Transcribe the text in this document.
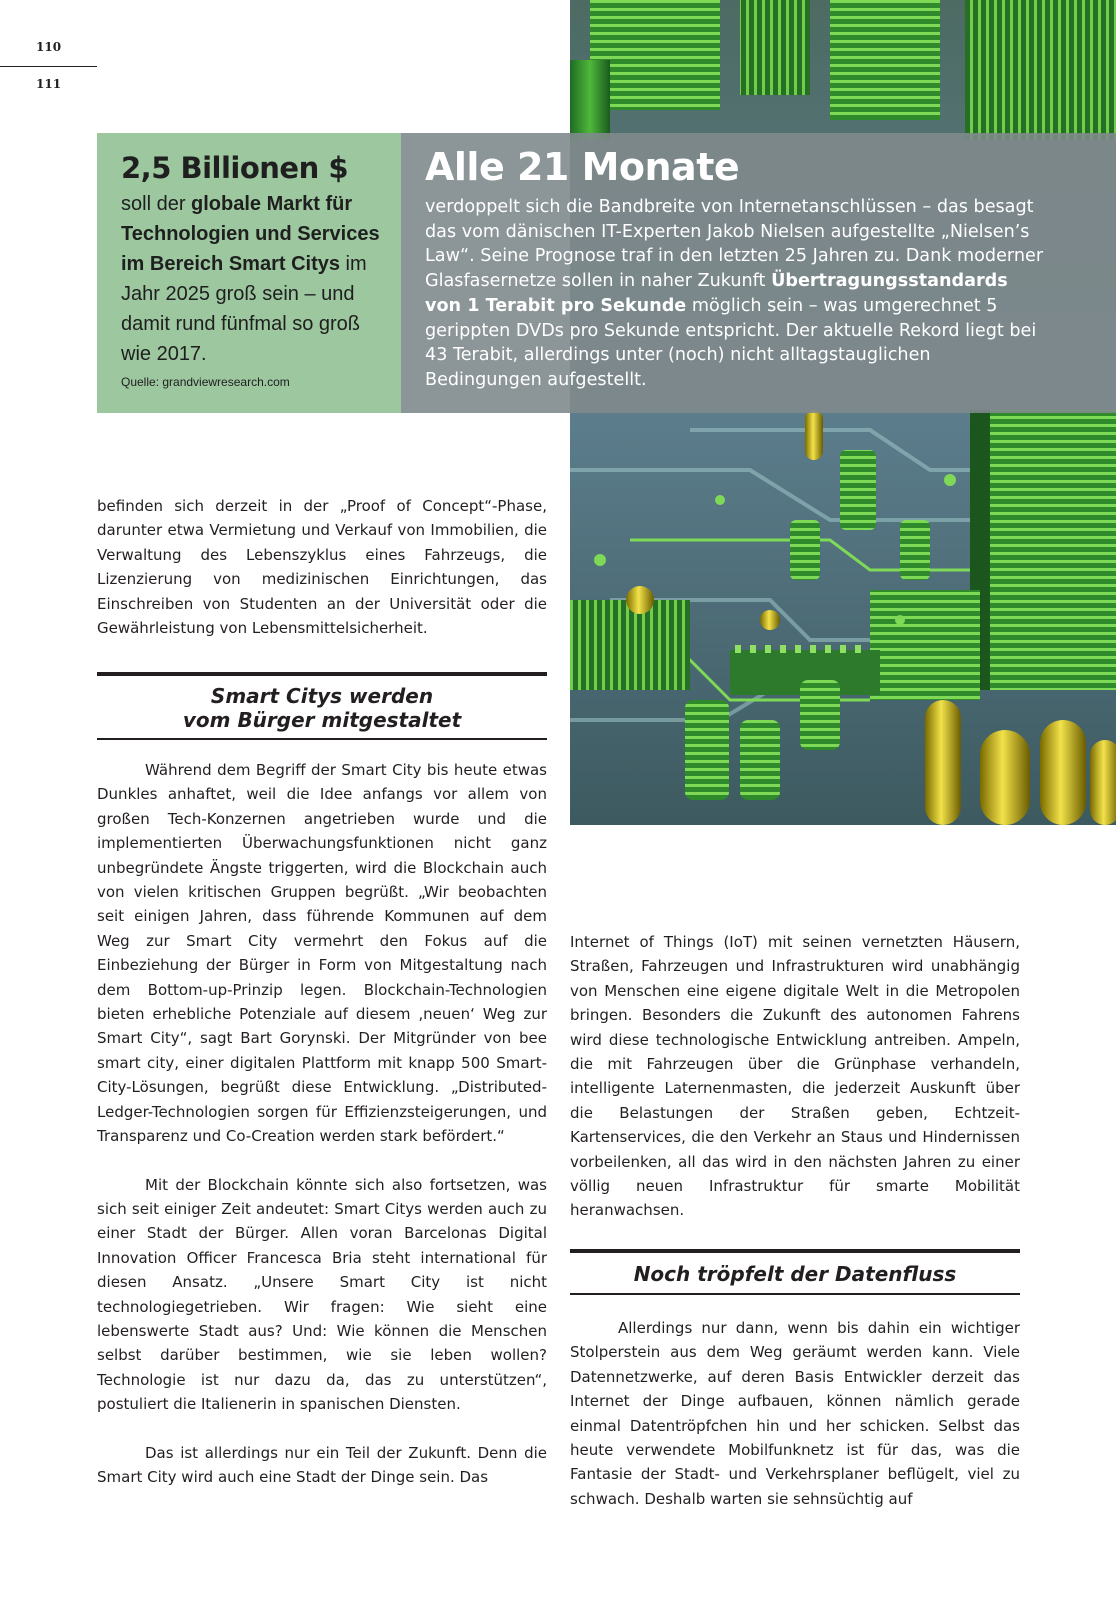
110
111
2,5 Billionen $
soll der globale Markt für Technologien und Services im Bereich Smart Citys im Jahr 2025 groß sein – und damit rund fünfmal so groß wie 2017.
Quelle: grandviewresearch.com
Alle 21 Monate
verdoppelt sich die Bandbreite von Internetanschlüssen – das besagt das vom dänischen IT-Experten Jakob Nielsen aufgestellte „Nielsen’s Law“. Seine Prognose traf in den letzten 25 Jahren zu. Dank moderner Glasfasernetze sollen in naher Zukunft Übertragungsstandards von 1 Terabit pro Sekunde möglich sein – was umgerechnet 5 gerippten DVDs pro Sekunde entspricht. Der aktuelle Rekord liegt bei 43 Terabit, allerdings unter (noch) nicht alltagstauglichen Bedingungen aufgestellt.

befinden sich derzeit in der „Proof of Concept“-Phase, darunter etwa Vermietung und Verkauf von Immobilien, die Verwaltung des Lebenszyklus eines Fahrzeugs, die Lizenzierung von medizinischen Einrichtungen, das Einschreiben von Studenten an der Universität oder die Gewährleistung von Lebensmittelsicherheit.

Smart Citys werden
vom Bürger mitgestaltet

Während dem Begriff der Smart City bis heute etwas Dunkles anhaftet, weil die Idee anfangs vor allem von großen Tech-Konzernen angetrieben wurde und die implementierten Überwachungsfunktionen nicht ganz unbegründete Ängste triggerten, wird die Blockchain auch von vielen kritischen Gruppen begrüßt. „Wir beobachten seit einigen Jahren, dass führende Kommunen auf dem Weg zur Smart City vermehrt den Fokus auf die Einbeziehung der Bürger in Form von Mitgestaltung nach dem Bottom-up-Prinzip legen. Blockchain-Technologien bieten erhebliche Potenziale auf diesem ‚neuen‘ Weg zur Smart City“, sagt Bart Gorynski. Der Mitgründer von bee smart city, einer digitalen Plattform mit knapp 500 Smart-City-Lösungen, begrüßt diese Entwicklung. „Distributed-Ledger-Technologien sorgen für Effizienzsteigerungen, und Transparenz und Co-Creation werden stark befördert.“

Mit der Blockchain könnte sich also fortsetzen, was sich seit einiger Zeit andeutet: Smart Citys werden auch zu einer Stadt der Bürger. Allen voran Barcelonas Digital Innovation Officer Francesca Bria steht international für diesen Ansatz. „Unsere Smart City ist nicht technologiegetrieben. Wir fragen: Wie sieht eine lebenswerte Stadt aus? Und: Wie können die Menschen selbst darüber bestimmen, wie sie leben wollen? Technologie ist nur dazu da, das zu unterstützen“, postuliert die Italienerin in spanischen Diensten.

Das ist allerdings nur ein Teil der Zukunft. Denn die Smart City wird auch eine Stadt der Dinge sein. Das

Internet of Things (IoT) mit seinen vernetzten Häusern, Straßen, Fahrzeugen und Infrastrukturen wird unabhängig von Menschen eine eigene digitale Welt in die Metropolen bringen. Besonders die Zukunft des autonomen Fahrens wird diese technologische Entwicklung antreiben. Ampeln, die mit Fahrzeugen über die Grünphase verhandeln, intelligente Laternenmasten, die jederzeit Auskunft über die Belastungen der Straßen geben, Echtzeit-Kartenservices, die den Verkehr an Staus und Hindernissen vorbeilenken, all das wird in den nächsten Jahren zu einer völlig neuen Infrastruktur für smarte Mobilität heranwachsen.

Noch tröpfelt der Datenfluss

Allerdings nur dann, wenn bis dahin ein wichtiger Stolperstein aus dem Weg geräumt werden kann. Viele Datennetzwerke, auf deren Basis Entwickler derzeit das Internet der Dinge aufbauen, können nämlich gerade einmal Datentröpfchen hin und her schicken. Selbst das heute verwendete Mobilfunknetz ist für das, was die Fantasie der Stadt- und Verkehrsplaner beflügelt, viel zu schwach. Deshalb warten sie sehnsüchtig auf
